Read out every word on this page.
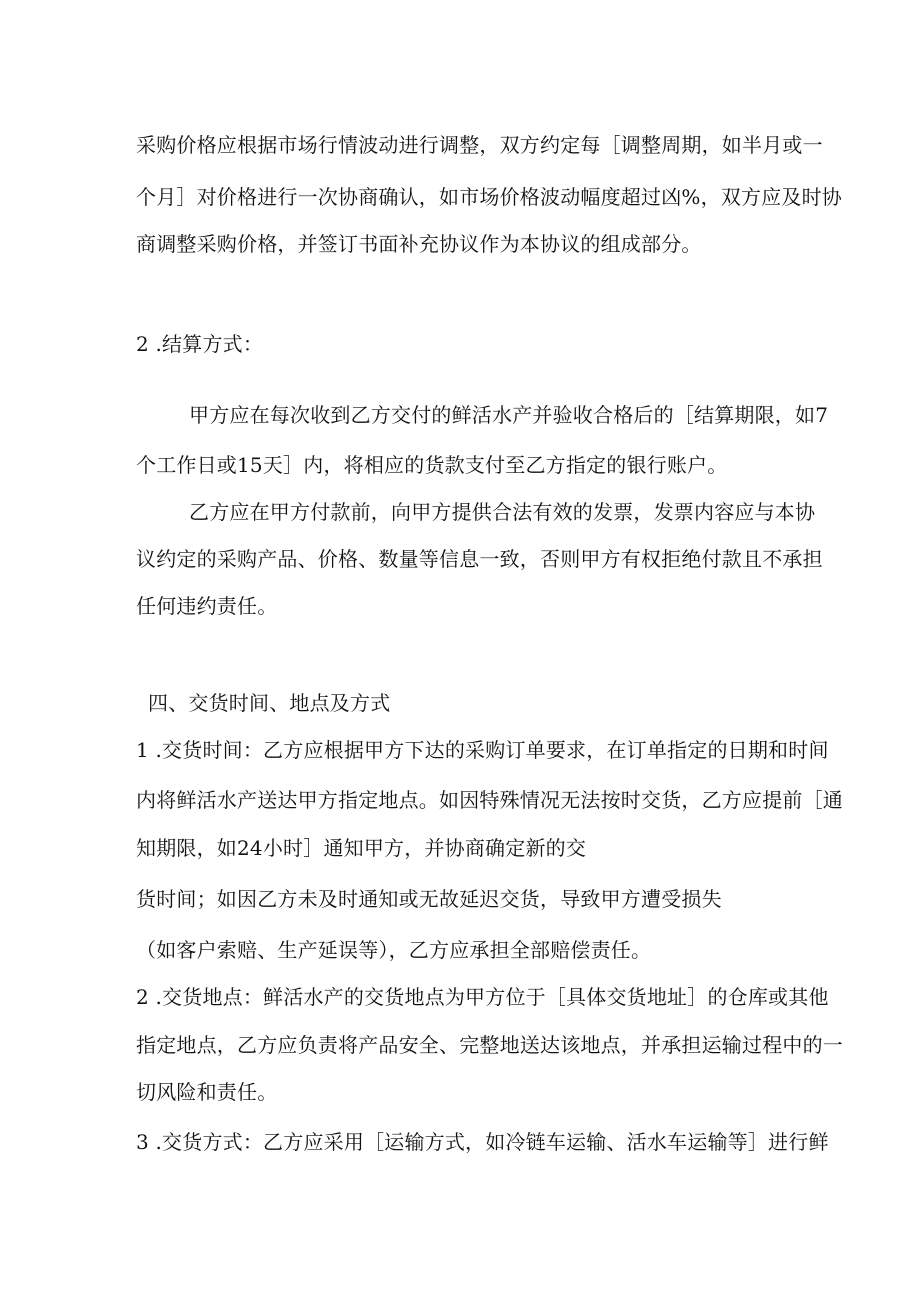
采购价格应根据市场行情波动进行调整，双方约定每［调整周期，如半月或一
个月］对价格进行一次协商确认，如市场价格波动幅度超过凶%，双方应及时协
商调整采购价格，并签订书面补充协议作为本协议的组成部分。
2 .结算方式：
甲方应在每次收到乙方交付的鲜活水产并验收合格后的［结算期限，如7
个工作日或15天］内，将相应的货款支付至乙方指定的银行账户。
乙方应在甲方付款前，向甲方提供合法有效的发票，发票内容应与本协
议约定的采购产品、价格、数量等信息一致，否则甲方有权拒绝付款且不承担
任何违约责任。
四、交货时间、地点及方式
1 .交货时间：乙方应根据甲方下达的采购订单要求，在订单指定的日期和时间
内将鲜活水产送达甲方指定地点。如因特殊情况无法按时交货，乙方应提前［通
知期限，如24小时］通知甲方，并协商确定新的交
货时间；如因乙方未及时通知或无故延迟交货，导致甲方遭受损失
（如客户索赔、生产延误等），乙方应承担全部赔偿责任。
2 .交货地点：鲜活水产的交货地点为甲方位于［具体交货地址］的仓库或其他
指定地点，乙方应负责将产品安全、完整地送达该地点，并承担运输过程中的一
切风险和责任。
3 .交货方式：乙方应采用［运输方式，如冷链车运输、活水车运输等］进行鲜
